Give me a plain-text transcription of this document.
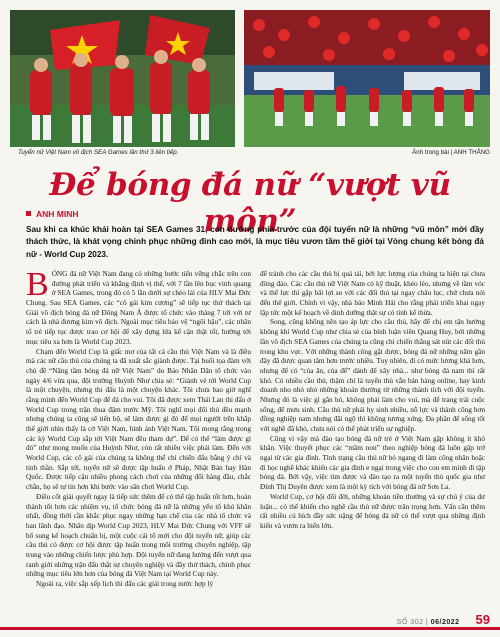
Tuyển nữ Việt Nam vô địch SEA Games lần thứ 3 liên tiếp.	Ảnh trong bài | ANH THẮNG
Để bóng đá nữ “vượt vũ môn”
ANH MINH
Sau khi ca khúc khải hoàn tại SEA Games 31, con đường phía trước của đội tuyển nữ là những “vũ môn” mới đầy thách thức, là khát vọng chinh phục những đỉnh cao mới, là mục tiêu vươn tầm thế giới tại Vòng chung kết bóng đá nữ - World Cup 2023.

BÓNG đá nữ Việt Nam đang có những bước tiến vững chắc trên con đường phát triển và khẳng định vị thế, với 7 lần lên bục vinh quang ở SEA Games, trong đó có 5 lần dưới sự chèo lái của HLV Mai Đức Chung. Sau SEA Games, các “cô gái kim cương” sẽ tiếp tục thử thách tại Giải vô địch bóng đá nữ Đông Nam Á được tổ chức vào tháng 7 tới với tư cách là nhà đương kim vô địch. Ngoài mục tiêu bảo vệ “ngôi hậu”, các nhân tố trẻ tiếp tục được trao cơ hội để xây dựng lứa kế cận thật tốt, hướng tới mục tiêu xa hơn là World Cup 2023.

Chạm đến World Cup là giấc mơ của tất cả cầu thủ Việt Nam và là điều mà các nữ cầu thủ của chúng ta đã xuất sắc giành được. Tại buổi tọa đàm với chủ đề “Nâng tầm bóng đá nữ Việt Nam” do Báo Nhân Dân tổ chức vào ngày 4/6 vừa qua, đội trưởng Huỳnh Như chia sẻ: “Giành vé tới World Cup là một chuyện, nhưng thi đấu là một chuyện khác. Tôi chưa bao giờ nghĩ rằng mình đến World Cup để đá cho vui. Tôi đã được xem Thái Lan thi đấu ở World Cup trong trận thua đậm trước Mỹ. Tôi nghĩ mọi đối thủ đều mạnh nhưng chúng ta cũng sẽ tiến bộ, sẽ làm được gì đó để mọi người trên khắp thế giới nhìn thấy là cờ Việt Nam, hình ảnh Việt Nam. Tôi mong rằng trong các kỳ World Cup sắp tới Việt Nam đều tham dự”. Để có thể “làm được gì đó” như mong muốn của Huỳnh Như, còn rất nhiều việc phải làm. Đến với World Cup, các cô gái của chúng ta không thể chỉ chiến đấu bằng ý chí và tinh thần. Sắp tới, tuyển nữ sẽ được tập huấn ở Pháp, Nhật Bản hay Hàn Quốc. Được tiếp cận nhiều phong cách chơi của những đối hàng đầu, chắc chắn, họ sẽ tự tin hơn khi bước vào sân chơi World Cup.

Điều cốt giải quyết ngay là tiếp sức thêm để có thể tập huấn tốt hơn, hoàn thành tốt hơn các nhiệm vụ, tổ chức bóng đá nữ là những yếu tố khó khăn nhất, đồng thời cần khắc phục ngay những hạn chế của các nhà tổ chức và ban lãnh đạo. Nhân dịp World Cup 2023, HLV Mai Đức Chung với VFF sẽ bổ sung kế hoạch chuẩn bị, một cuộc cải tổ mới cho đội tuyển nữ, giúp các cầu thủ có được cơ hội được tập huấn trong môi trường chuyên nghiệp, tập trung vào những chiến lược phù hợp. Đội tuyển nữ đang hướng đến vượt qua ranh giới những trận đấu thật sự chuyên nghiệp và đầy thử thách, chinh phục những mục tiêu lớn hơn của bóng đá Việt Nam tại World Cup này.

Ngoài ra, việc sắp xếp lịch thi đấu các giải trong nước hợp lý

để tránh cho các cầu thủ bị quá tải, bởi lực lượng của chúng ta hiện tại chưa đông đảo. Các cầu thủ nữ Việt Nam có kỹ thuật, khéo léo, nhưng về tầm vóc và thể lực thì gặp bất lợi so với các đối thủ tại ngay châu lục, chứ chưa nói đến thế giới. Chính vì vậy, nhà báo Minh Hải cho rằng phải triển khai ngay lập tức một kế hoạch về dinh dưỡng thật sự có tính kế thừa.

Song, cũng không nên tạo áp lực cho cầu thủ, hãy để chị em tận hưởng không khí World Cup như chia sẻ của bình luận viên Quang Huy, bởi những lần vô địch SEA Games của chúng ta cũng chỉ chiến thắng sát nút các đối thủ trong khu vực. Với những thành công gặt được, bóng đá nữ những năm gần đây đã được quan tâm hơn trước nhiều. Tuy nhiên, đi có mức lương khá hơn, nhưng để có “của ăn, của để” dành để xây nhà... như bóng đá nam thì rất khó. Có nhiều cầu thủ, thậm chí là tuyển thủ vẫn bán hàng online, hay kinh doanh nho nhỏ nhỏ những khoản thưởng từ những thành tích với đội tuyển. Nhưng đó là việc gì gắn bó, không phải làm cho vui, mà để trang trải cuộc sống, để mưu sinh. Cầu thủ nữ phải hy sinh nhiều, nỗ lực và thành công hơn đồng nghiệp nam nhưng đãi ngộ thì không tương xứng. Đa phần để sống tốt với nghề đã khó, chưa nói có thể phát triển sự nghiệp.

Cũng vì vậy mà đào tạo bóng đá nữ trẻ ở Việt Nam gặp không ít khó khăn. Việc thuyết phục các “mầm non” theo nghiệp bóng đá luôn gặp trở ngại từ các gia đình. Tình trạng cầu thủ nữ bỏ ngang đi làm công nhân hoặc đi học nghề khác khiến các gia đình e ngại trong việc cho con em mình đi tập bóng đá. Bởi vậy, việc tìm được và đào tạo ra một tuyển thủ quốc gia như Đình Thị Duyên được xem là một kỳ tích với bóng đá nữ Sơn La.

World Cup, cơ hội đổi đời, những khoản tiền thưởng và sự chú ý của dư luận... có thể khiến cho nghề cầu thủ nữ được trân trọng hơn. Vấn cần thêm rất nhiều cú hích đầy sức nặng để bóng đá nữ có thể vượt qua những định kiến và vươn ra biển lớn.

SỐ 302 | 06/2022 59
